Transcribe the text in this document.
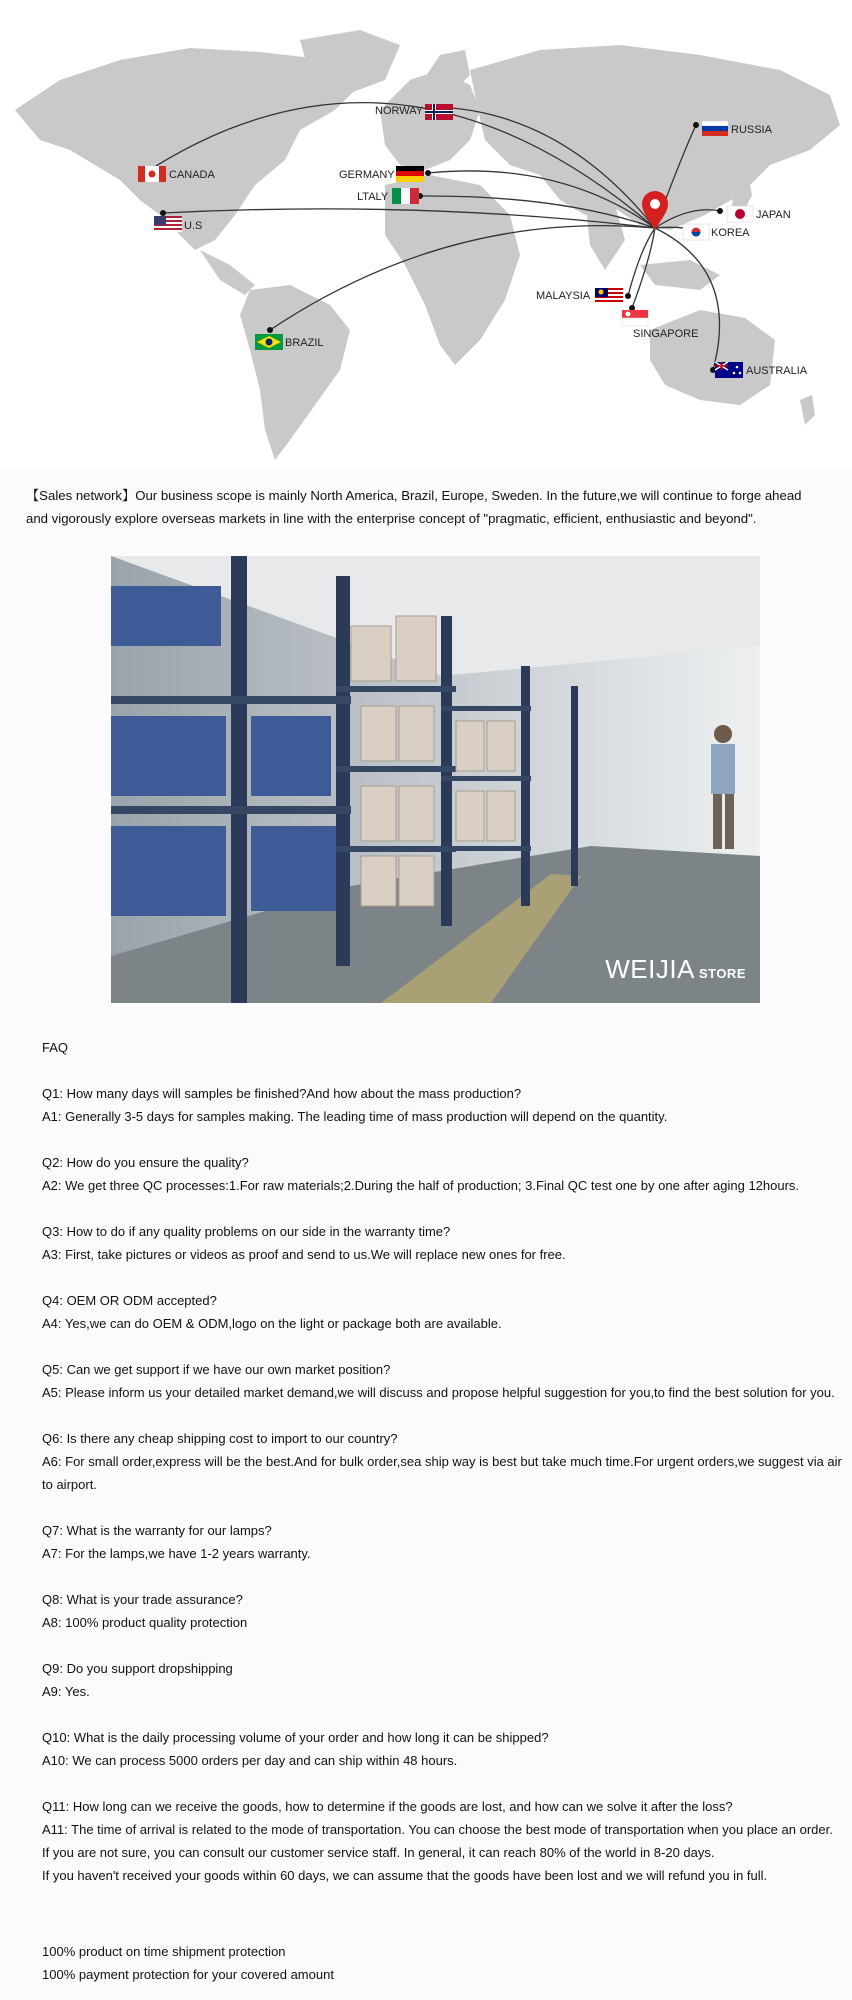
NORWAY
RUSSIA
CANADA	GERMANY
LTALY
U.S
JAPAN
KOREA
MALAYSIA
SINGAPORE
BRAZIL
AUSTRALIA
【Sales network】Our business scope is mainly North America, Brazil, Europe, Sweden. In the future,we will continue to forge ahead and vigorously explore overseas markets in line with the enterprise concept of "pragmatic, efficient, enthusiastic and beyond".
WEIJIA STORE
FAQ

Q1: How many days will samples be finished?And how about the mass production?

A1: Generally 3-5 days for samples making. The leading time of mass production will depend on the quantity.

Q2: How do you ensure the quality?

A2: We get three QC processes:1.For raw materials;2.During the half of production; 3.Final QC test one by one after aging 12hours.

Q3: How to do if any quality problems on our side in the warranty time?

A3: First, take pictures or videos as proof and send to us.We will replace new ones for free.

Q4: OEM OR ODM accepted?

A4: Yes,we can do OEM & ODM,logo on the light or package both are available.

Q5: Can we get support if we have our own market position?

A5: Please inform us your detailed market demand,we will discuss and propose helpful suggestion for you,to find the best solution for you.

Q6: Is there any cheap shipping cost to import to our country?

A6: For small order,express will be the best.And for bulk order,sea ship way is best but take much time.For urgent orders,we suggest via air to airport.

Q7: What is the warranty for our lamps?

A7: For the lamps,we have 1-2 years warranty.

Q8: What is your trade assurance?

A8: 100% product quality protection

Q9: Do you support dropshipping

A9: Yes.

Q10: What is the daily processing volume of your order and how long it can be shipped?

A10: We can process 5000 orders per day and can ship within 48 hours.

Q11: How long can we receive the goods, how to determine if the goods are lost, and how can we solve it after the loss?

A11: The time of arrival is related to the mode of transportation. You can choose the best mode of transportation when you place an order. If you are not sure, you can consult our customer service staff. In general, it can reach 80% of the world in 8-20 days.

If you haven't received your goods within 60 days, we can assume that the goods have been lost and we will refund you in full.

100% product on time shipment protection

100% payment protection for your covered amount
